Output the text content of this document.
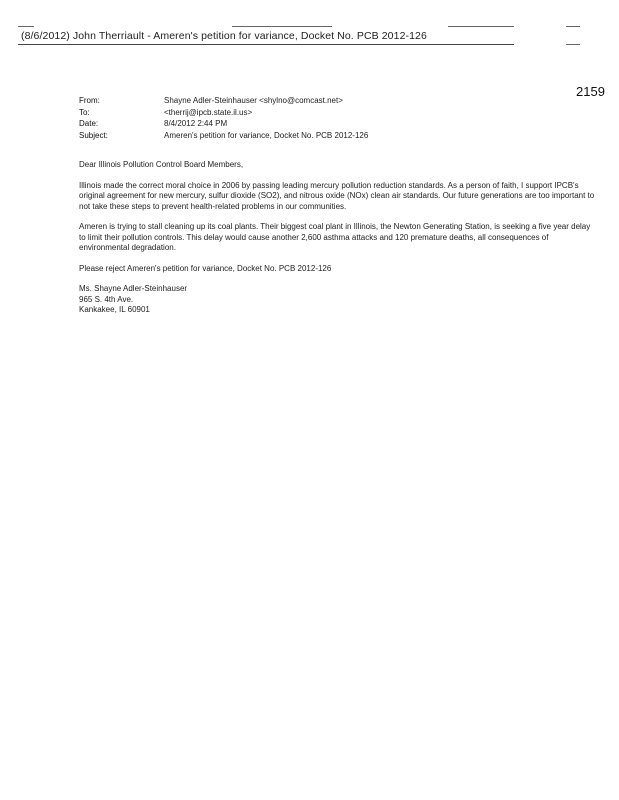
(8/6/2012) John Therriault - Ameren's petition for variance, Docket No. PCB 2012-126
2159
From:	Shayne Adler-Steinhauser <shylno@comcast.net>
To:	<therrij@ipcb.state.il.us>
Date:	8/4/2012 2:44 PM
Subject:	Ameren's petition for variance, Docket No. PCB 2012-126

Dear Illinois Pollution Control Board Members,

Illinois made the correct moral choice in 2006 by passing leading mercury pollution reduction standards. As a person of faith, I support IPCB's original agreement for new mercury, sulfur dioxide (SO2), and nitrous oxide (NOx) clean air standards. Our future generations are too important to not take these steps to prevent health-related problems in our communities.

Ameren is trying to stall cleaning up its coal plants. Their biggest coal plant in Illinois, the Newton Generating Station, is seeking a five year delay to limit their pollution controls. This delay would cause another 2,600 asthma attacks and 120 premature deaths, all consequences of environmental degradation.

Please reject Ameren's petition for variance, Docket No. PCB 2012-126

Ms. Shayne Adler-Steinhauser
965 S. 4th Ave.
Kankakee, IL 60901
